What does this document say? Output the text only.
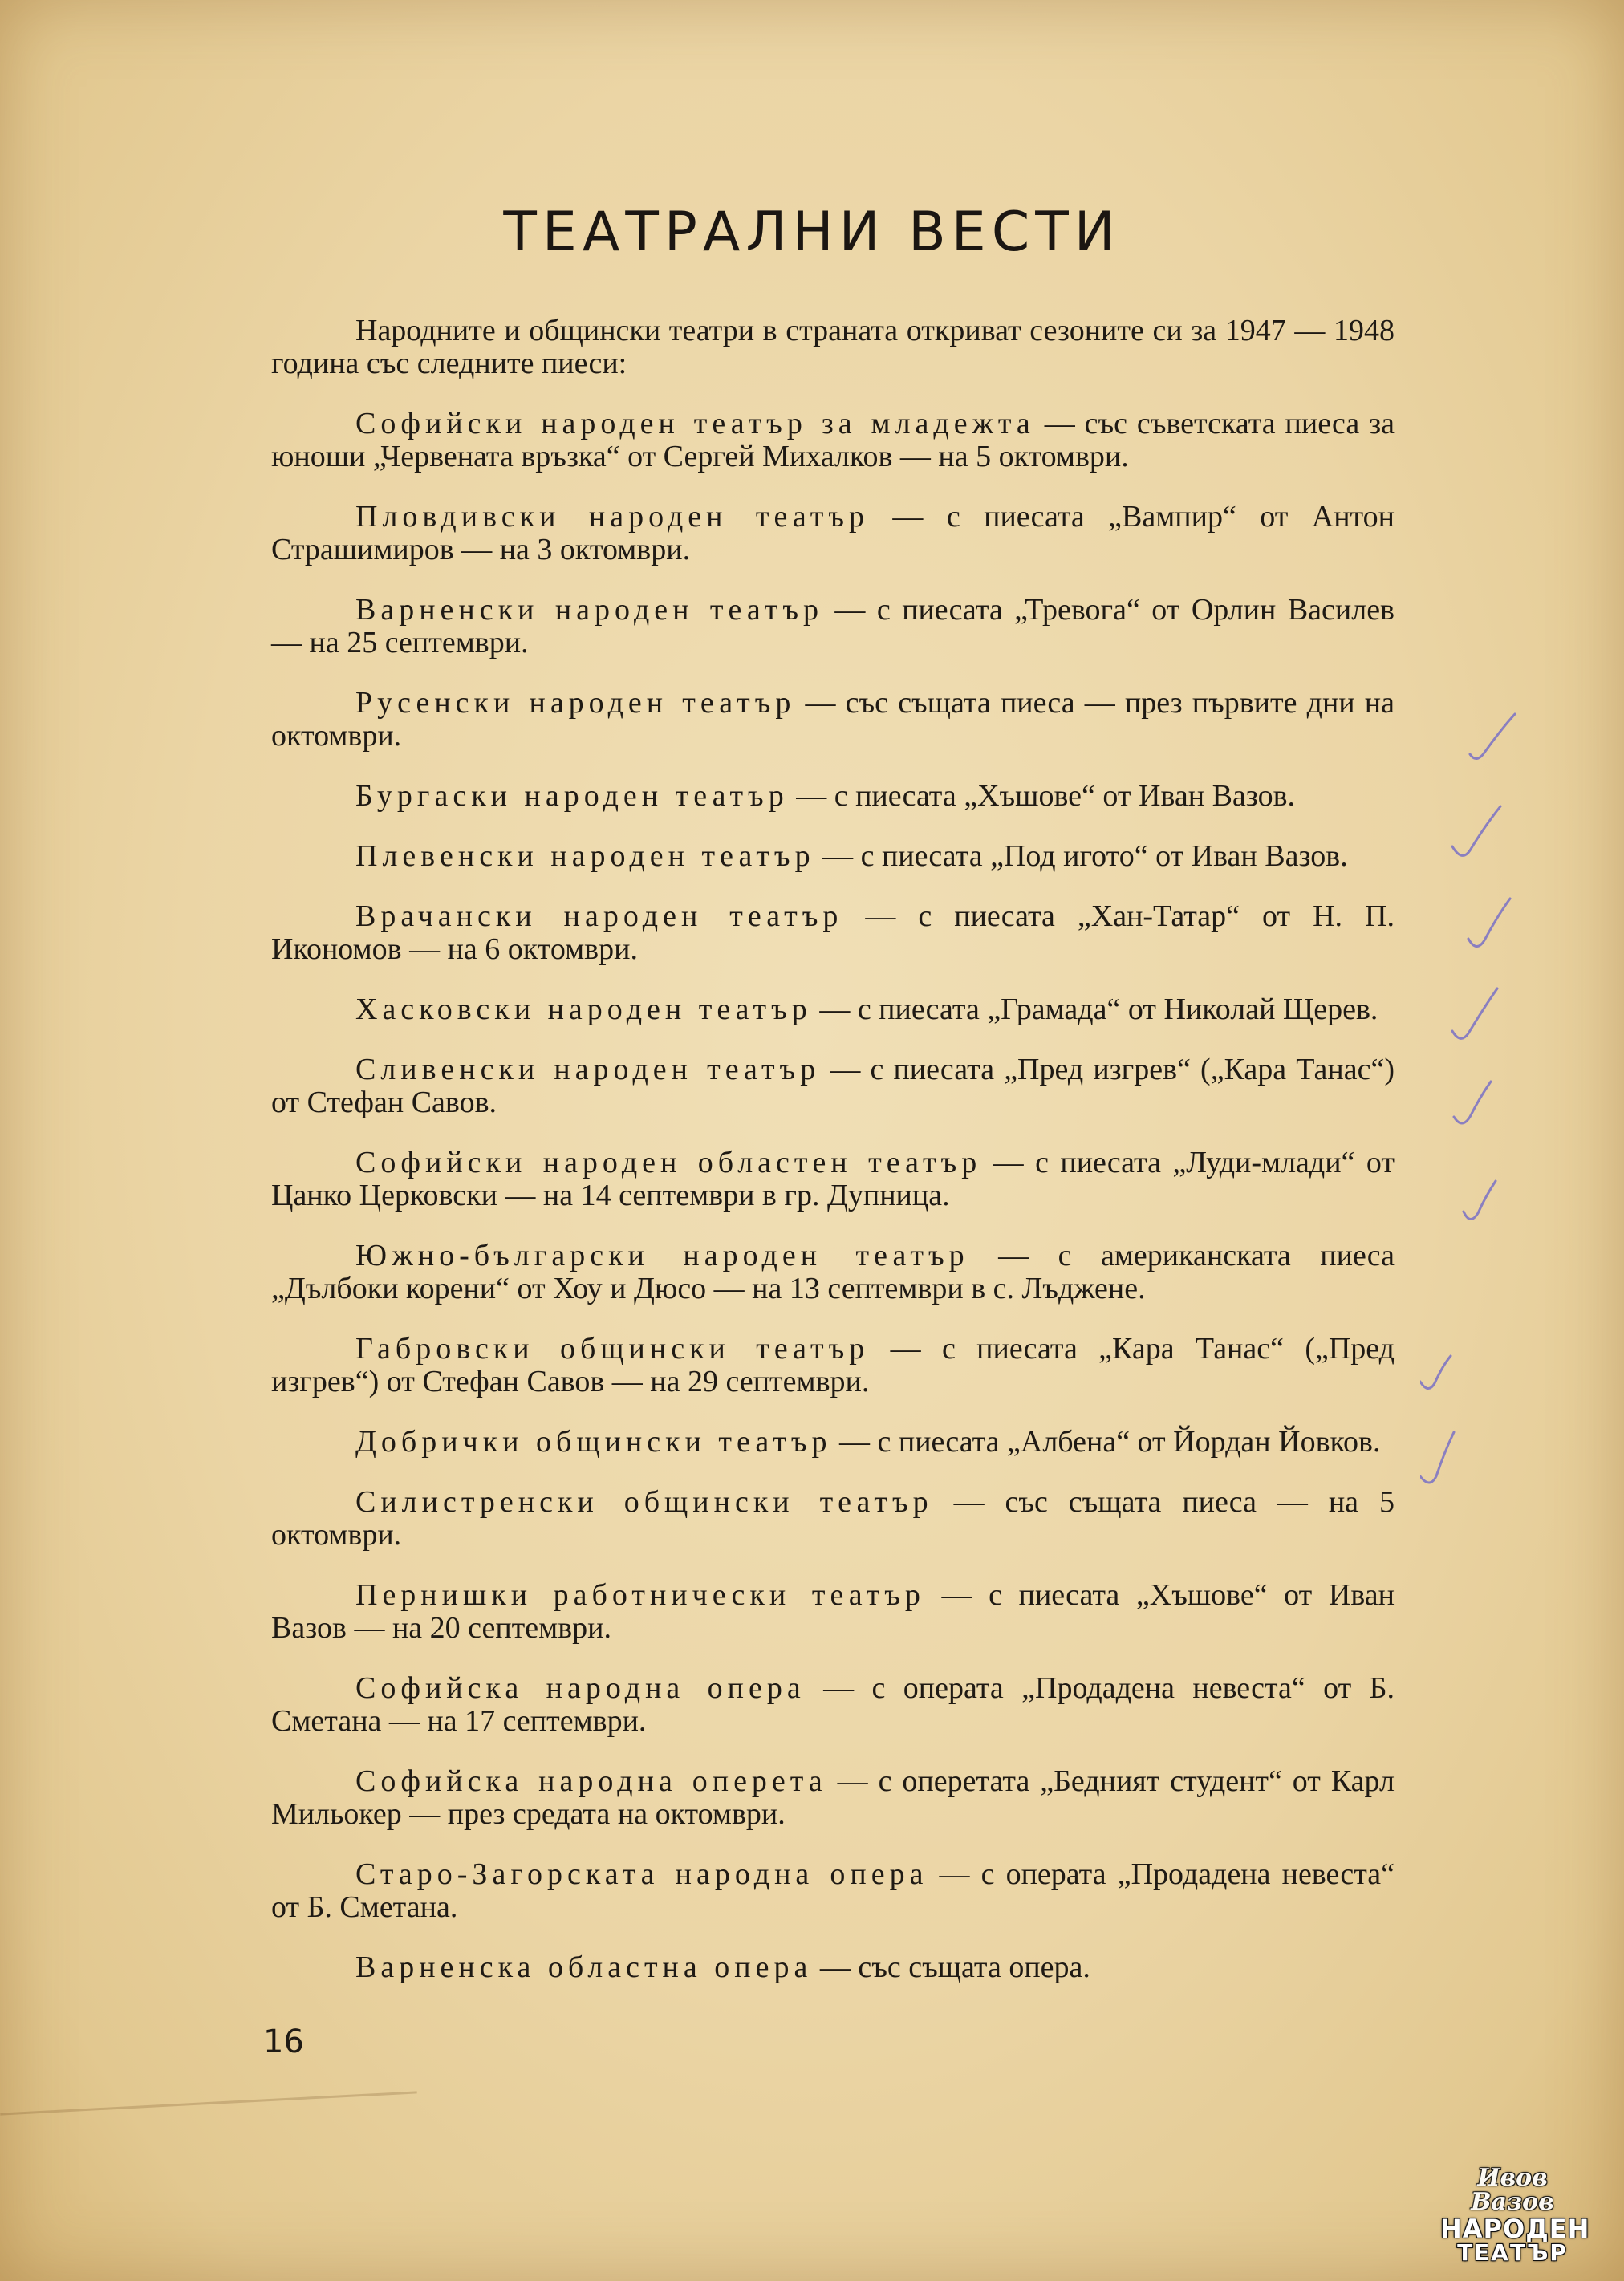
ТЕАТРАЛНИ ВЕСТИ

Народните и общински театри в страната откриват сезоните си за 1947 — 1948 година със следните пиеси:

Софийски народен театър за младежта — със съветската пиеса за юноши „Червената връзка“ от Сергей Михалков — на 5 октомври.

Пловдивски народен театър — с пиесата „Вампир“ от Антон Страшимиров — на 3 октомври.

Варненски народен театър — с пиесата „Тревога“ от Орлин Василев — на 25 септември.

Русенски народен театър — със същата пиеса — през първите дни на октомври.

Бургаски народен театър — с пиесата „Хъшове“ от Иван Вазов.

Плевенски народен театър — с пиесата „Под игото“ от Иван Вазов.

Врачански народен театър — с пиесата „Хан-Татар“ от Н. П. Икономов — на 6 октомври.

Хасковски народен театър — с пиесата „Грамада“ от Николай Щерев.

Сливенски народен театър — с пиесата „Пред изгрев“ („Кара Танас“) от Стефан Савов.

Софийски народен областен театър — с пиесата „Луди-млади“ от Цанко Церковски — на 14 септември в гр. Дупница.

Южно-български народен театър — с американската пиеса „Дълбоки корени“ от Хоу и Дюсо — на 13 септември в с. Лъджене.

Габровски общински театър — с пиесата „Кара Танас“ („Пред изгрев“) от Стефан Савов — на 29 септември.

Добрички общински театър — с пиесата „Албена“ от Йордан Йовков.

Силистренски общински театър — със същата пиеса — на 5 октомври.

Пернишки работнически театър — с пиесата „Хъшове“ от Иван Вазов — на 20 септември.

Софийска народна опера — с операта „Продадена невеста“ от Б. Сметана — на 17 септември.

Софийска народна оперета — с оперетата „Бедният студент“ от Карл Мильокер — през средата на октомври.

Старо-Загорската народна опера — с операта „Продадена невеста“ от Б. Сметана.

Варненска областна опера — със същата опера.

16
Ивов Вазов
НАРОДЕН
ТЕАТЪР
